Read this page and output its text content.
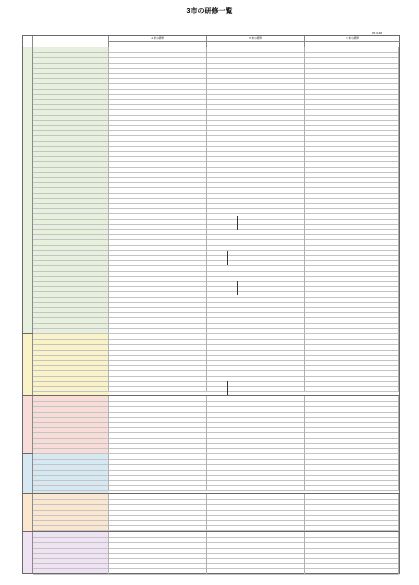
3市の研修一覧
07.3.26
Ａ市の研修	Ｂ市の研修	Ｃ市の研修
